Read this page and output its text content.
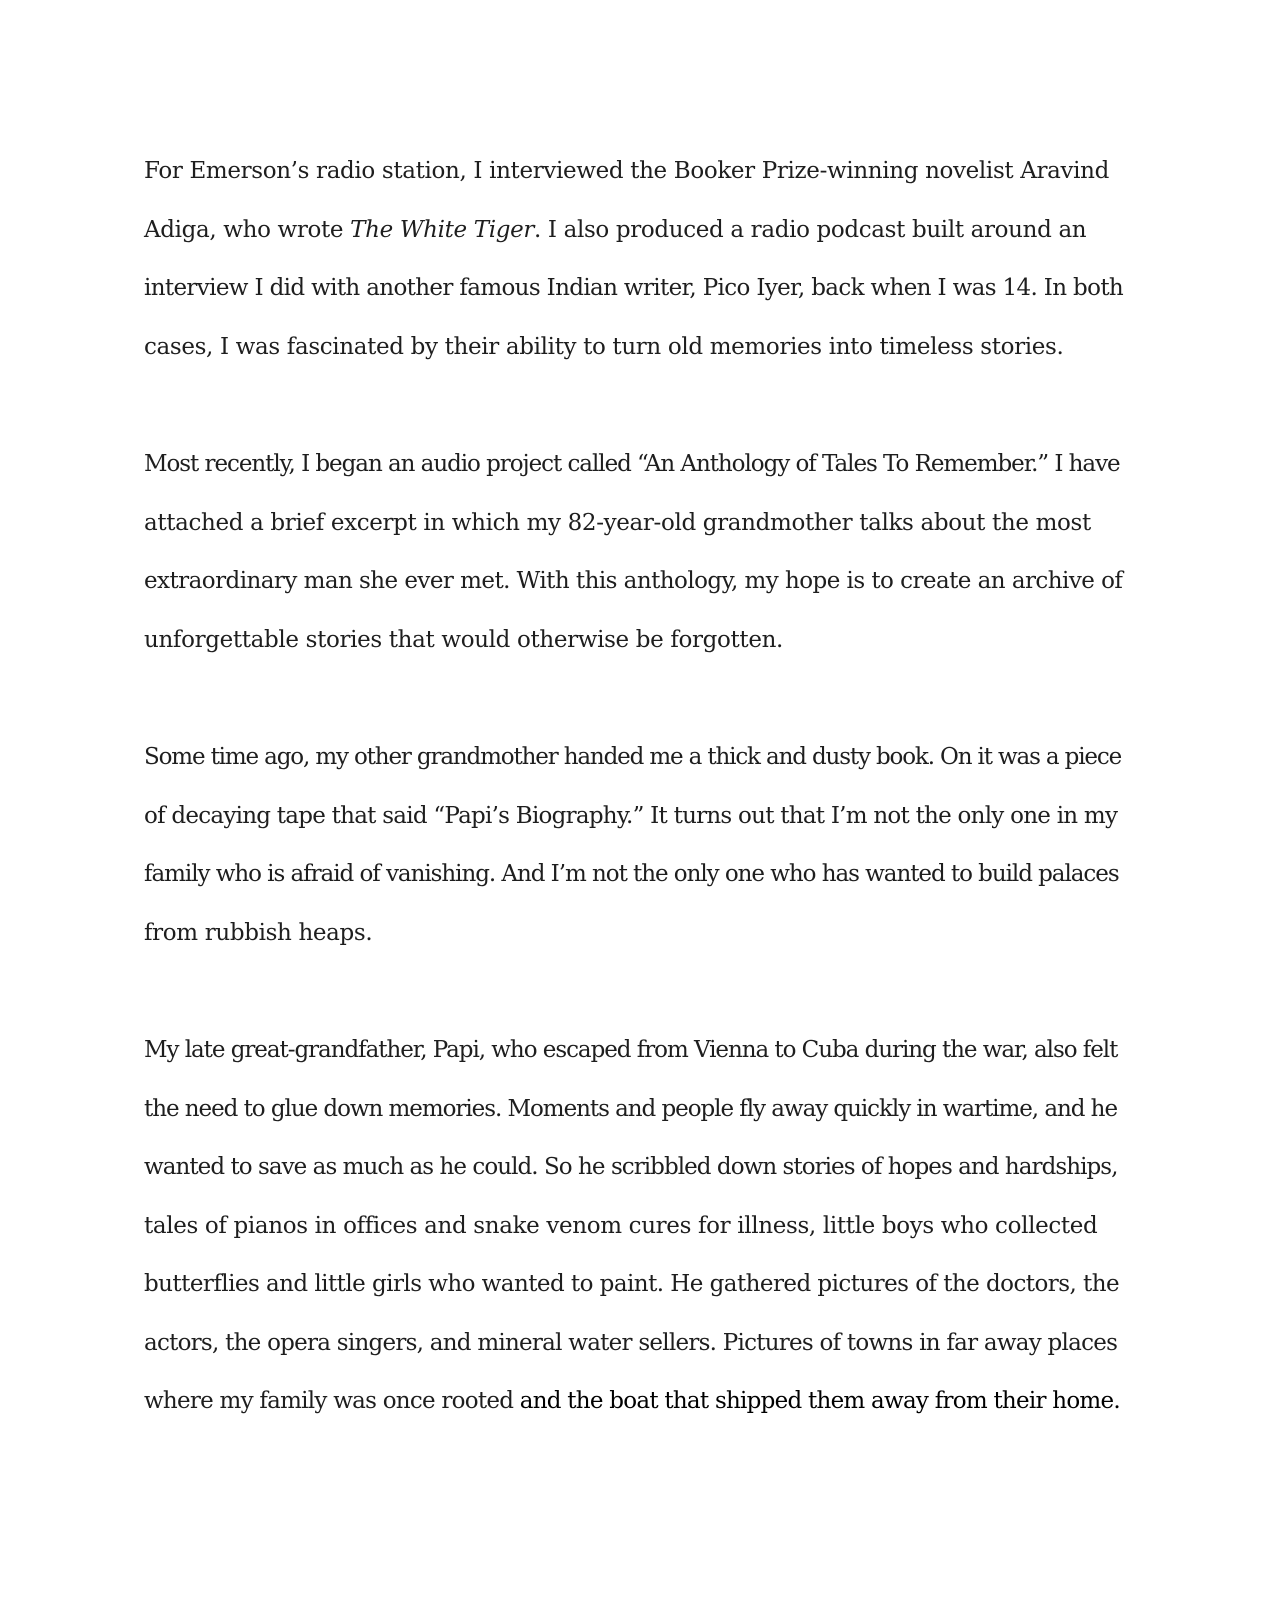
For Emerson’s radio station, I interviewed the Booker Prize-winning novelist Aravind
Adiga, who wrote The White Tiger. I also produced a radio podcast built around an
interview I did with another famous Indian writer, Pico Iyer, back when I was 14. In both
cases, I was fascinated by their ability to turn old memories into timeless stories.
Most recently, I began an audio project called “An Anthology of Tales To Remember.” I have
attached a brief excerpt in which my 82-year-old grandmother talks about the most
extraordinary man she ever met. With this anthology, my hope is to create an archive of
unforgettable stories that would otherwise be forgotten.
Some time ago, my other grandmother handed me a thick and dusty book. On it was a piece
of decaying tape that said “Papi’s Biography.” It turns out that I’m not the only one in my
family who is afraid of vanishing. And I’m not the only one who has wanted to build palaces
from rubbish heaps.
My late great-grandfather, Papi, who escaped from Vienna to Cuba during the war, also felt
the need to glue down memories. Moments and people fly away quickly in wartime, and he
wanted to save as much as he could. So he scribbled down stories of hopes and hardships,
tales of pianos in offices and snake venom cures for illness, little boys who collected
butterflies and little girls who wanted to paint. He gathered pictures of the doctors, the
actors, the opera singers, and mineral water sellers. Pictures of towns in far away places
where my family was once rooted and the boat that shipped them away from their home.
